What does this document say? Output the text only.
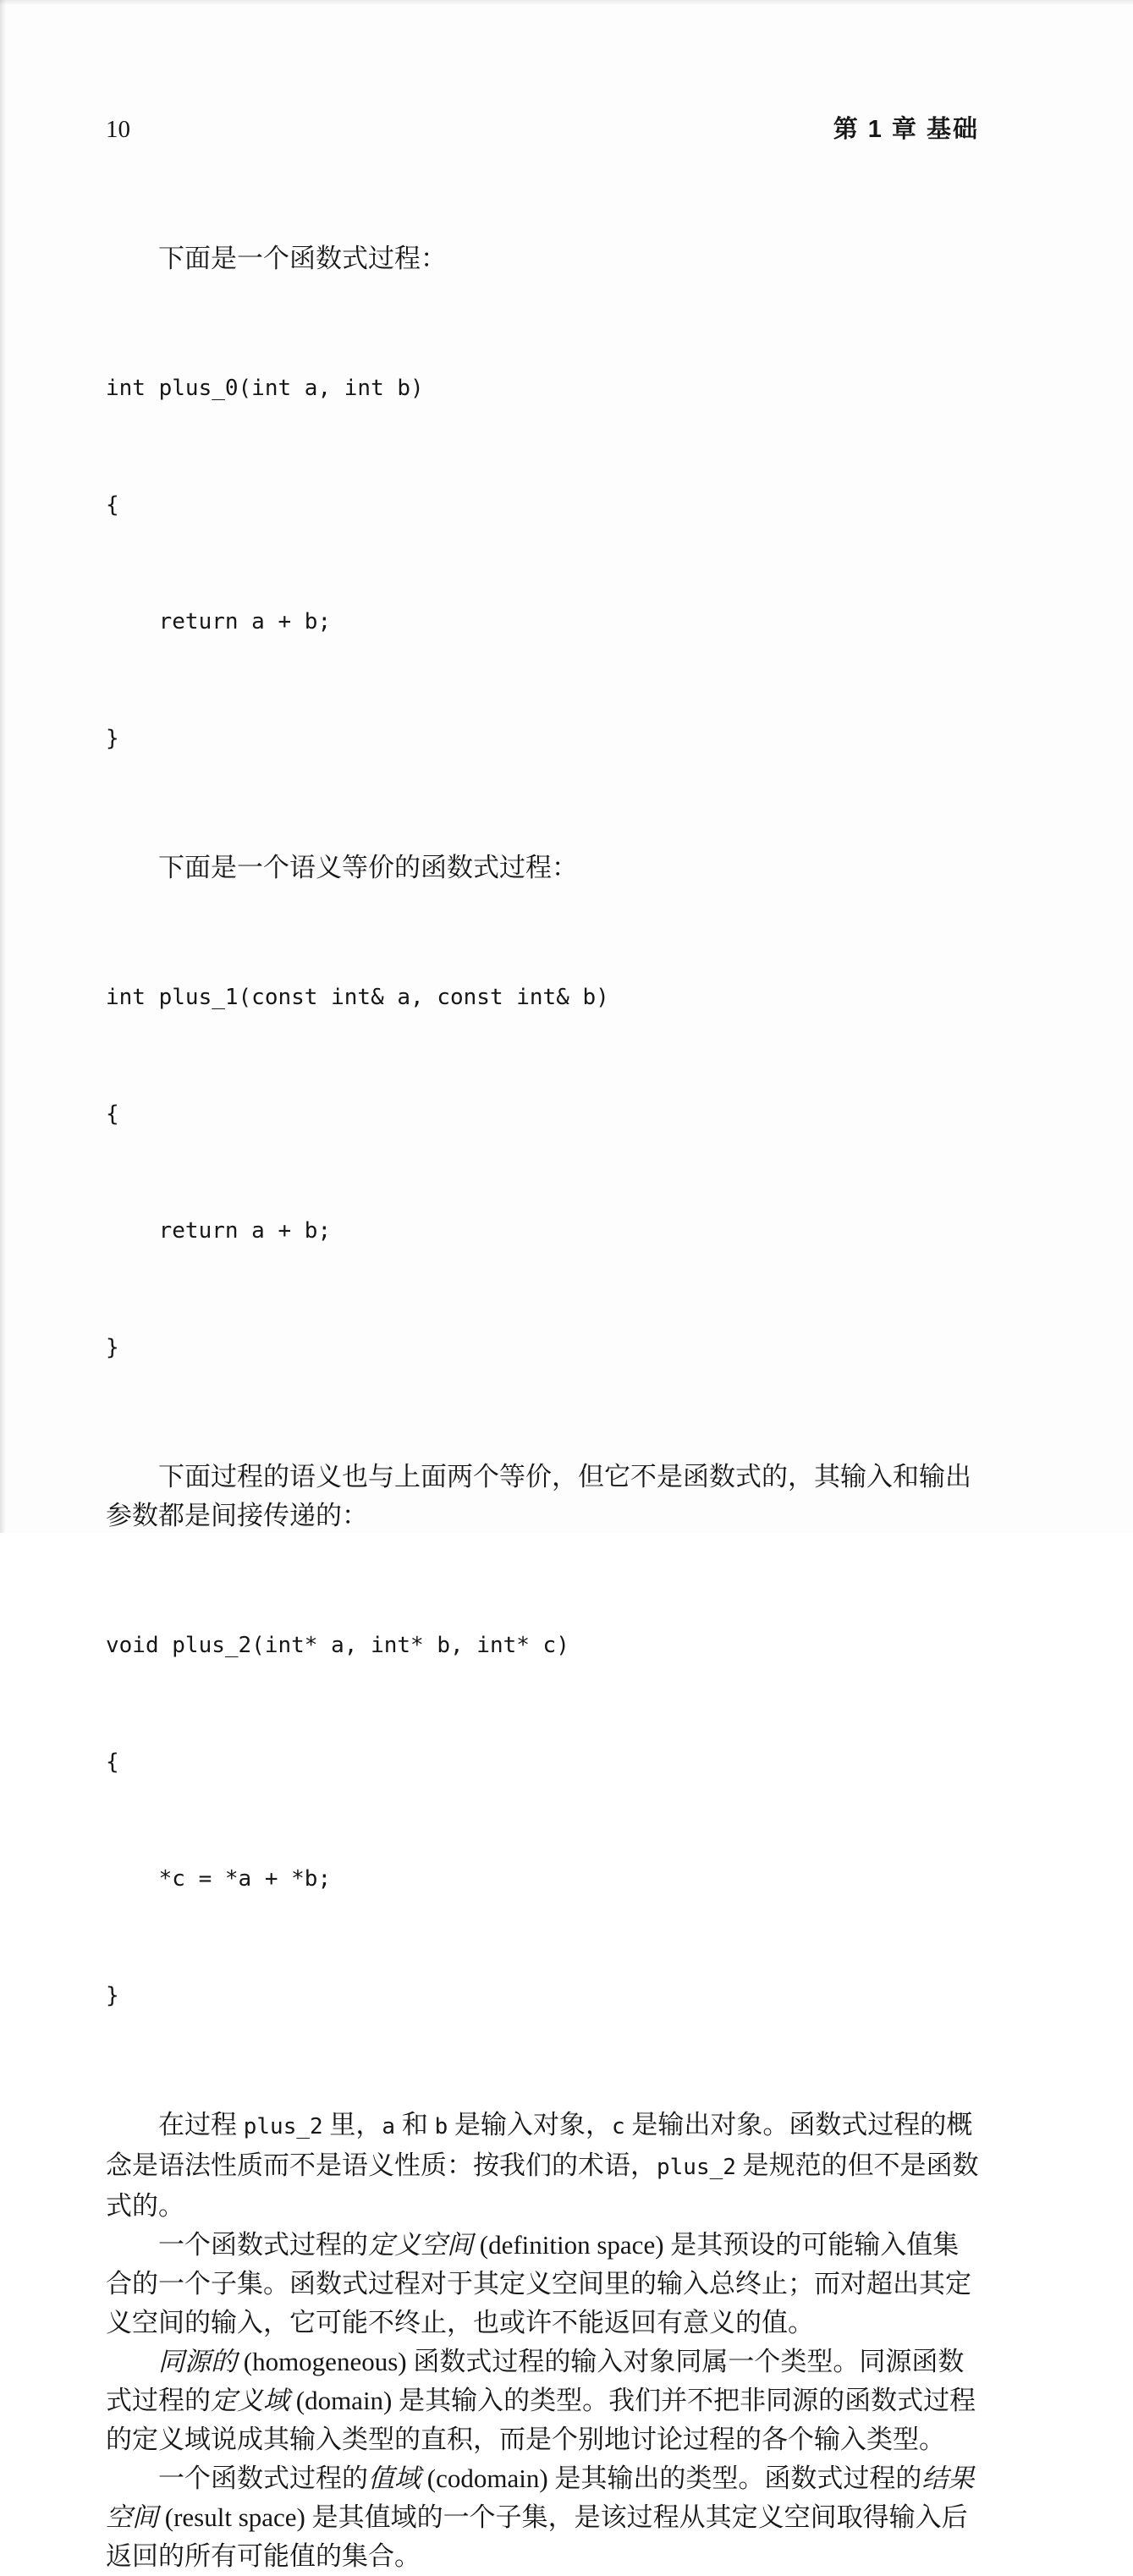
10	第 1 章 基础
下面是一个函数式过程：

int plus_0(int a, int b)

{

return a + b;

}

下面是一个语义等价的函数式过程：

int plus_1(const int& a, const int& b)

{

return a + b;

}

下面过程的语义也与上面两个等价，但它不是函数式的，其输入和输出
参数都是间接传递的：

void plus_2(int* a, int* b, int* c)

{

*c = *a + *b;

}

在过程 plus_2 里，a 和 b 是输入对象，c 是输出对象。函数式过程的概
念是语法性质而不是语义性质：按我们的术语，plus_2 是规范的但不是函数
式的。
一个函数式过程的定义空间 (definition space) 是其预设的可能输入值集
合的一个子集。函数式过程对于其定义空间里的输入总终止；而对超出其定
义空间的输入，它可能不终止，也或许不能返回有意义的值。
同源的 (homogeneous) 函数式过程的输入对象同属一个类型。同源函数
式过程的定义域 (domain) 是其输入的类型。我们并不把非同源的函数式过程
的定义域说成其输入类型的直积，而是个别地讨论过程的各个输入类型。
一个函数式过程的值域 (codomain) 是其输出的类型。函数式过程的结果
空间 (result space) 是其值域的一个子集，是该过程从其定义空间取得输入后
返回的所有可能值的集合。
